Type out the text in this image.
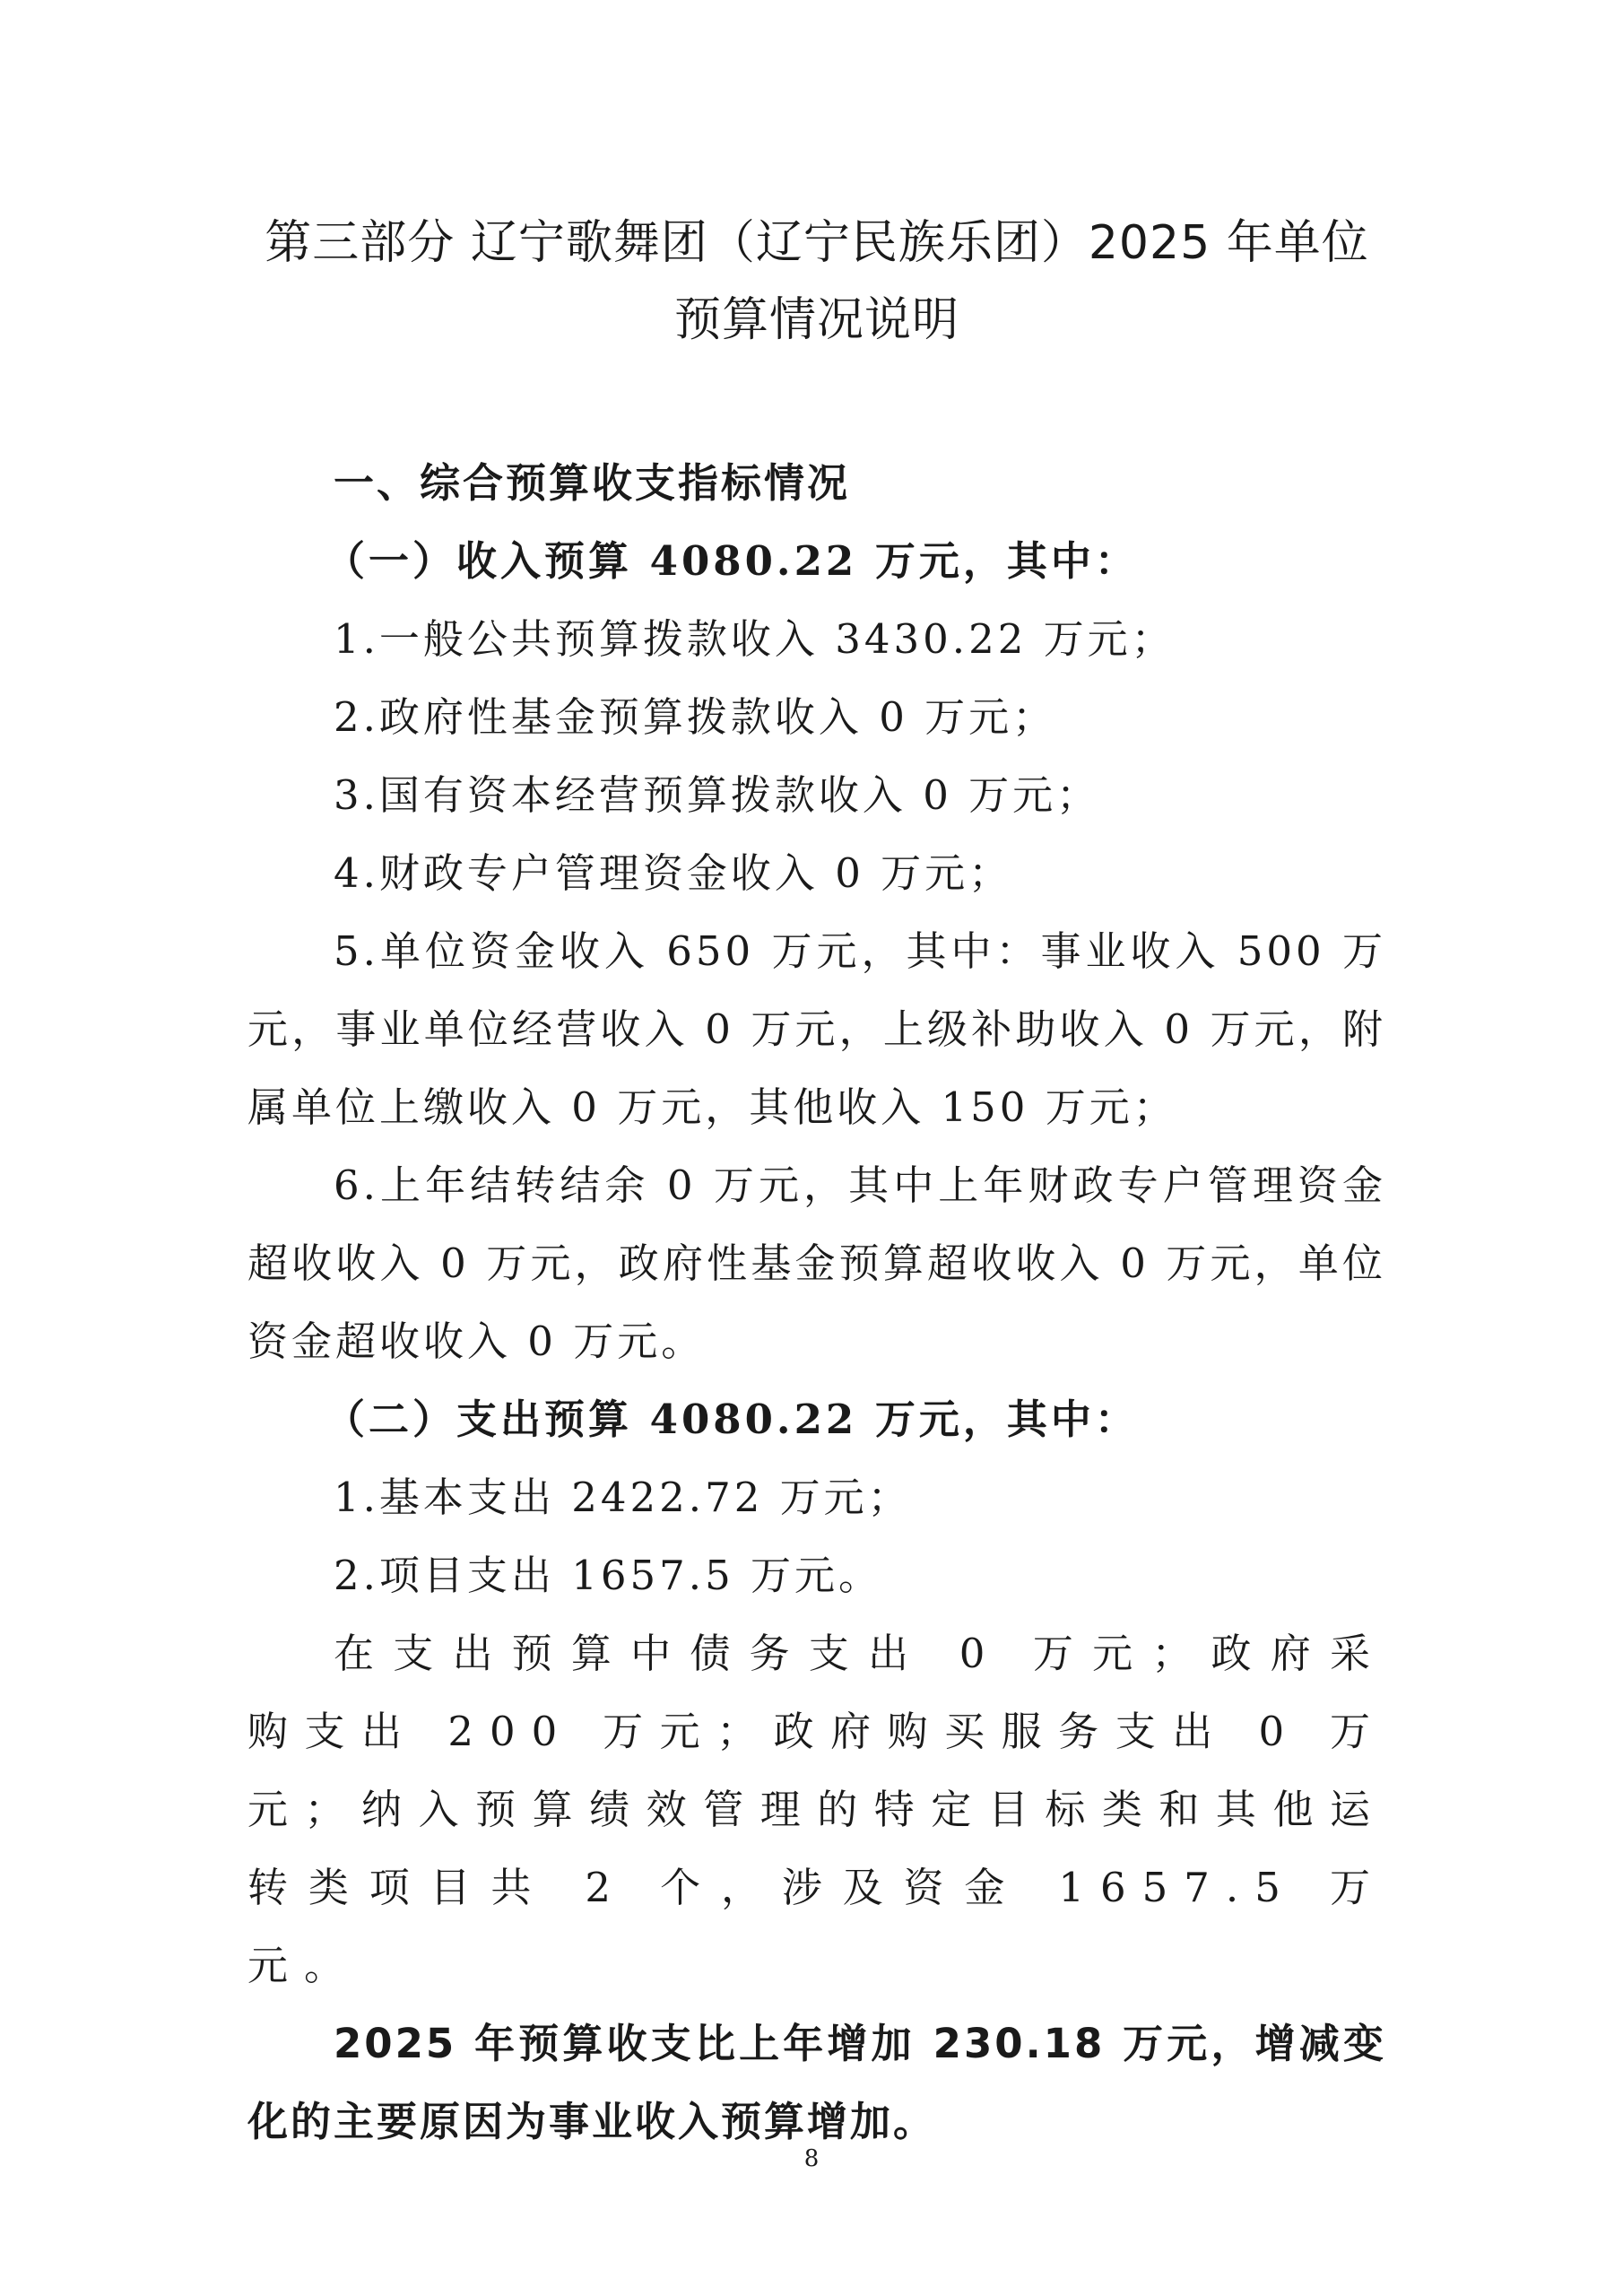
第三部分 辽宁歌舞团（辽宁民族乐团）2025 年单位
预算情况说明

一、综合预算收支指标情况

（一）收入预算 4080.22 万元，其中：

1.一般公共预算拨款收入 3430.22 万元；

2.政府性基金预算拨款收入 0 万元；

3.国有资本经营预算拨款收入 0 万元；

4.财政专户管理资金收入 0 万元；

5.单位资金收入 650 万元，其中：事业收入 500 万元，事业单位经营收入 0 万元，上级补助收入 0 万元，附属单位上缴收入 0 万元，其他收入 150 万元；

6.上年结转结余 0 万元，其中上年财政专户管理资金超收收入 0 万元，政府性基金预算超收收入 0 万元，单位资金超收收入 0 万元。

（二）支出预算 4080.22 万元，其中：

1.基本支出 2422.72 万元；

2.项目支出 1657.5 万元。

在支出预算中债务支出 0 万元；政府采购支出 200 万元；政府购买服务支出 0 万元；纳入预算绩效管理的特定目标类和其他运转类项目共 2 个，涉及资金 1657.5 万元。

2025 年预算收支比上年增加 230.18 万元，增减变化的主要原因为事业收入预算增加。

8
